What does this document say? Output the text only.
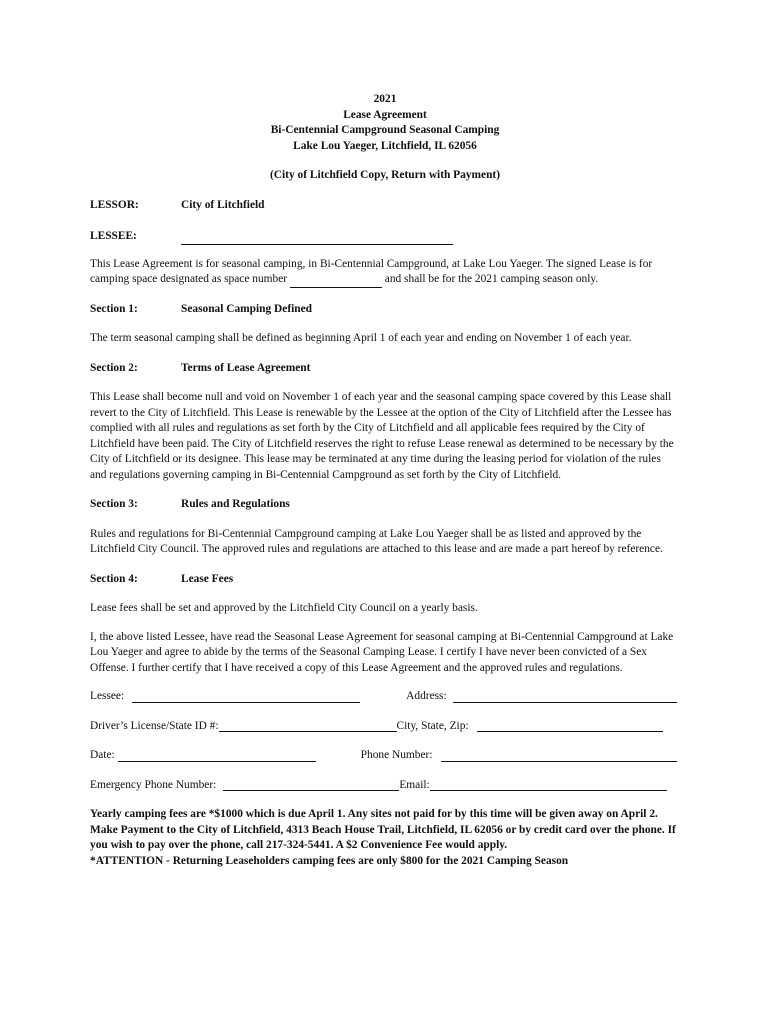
2021
Lease Agreement
Bi-Centennial Campground Seasonal Camping
Lake Lou Yaeger, Litchfield, IL 62056
(City of Litchfield Copy, Return with Payment)
LESSOR:	City of Litchfield
LESSEE:

This Lease Agreement is for seasonal camping, in Bi-Centennial Campground, at Lake Lou Yaeger. The signed Lease is for camping space designated as space number	and shall be for the 2021 camping season only.

Section 1:	Seasonal Camping Defined

The term seasonal camping shall be defined as beginning April 1 of each year and ending on November 1 of each year.

Section 2:	Terms of Lease Agreement

This Lease shall become null and void on November 1 of each year and the seasonal camping space covered by this Lease shall revert to the City of Litchfield. This Lease is renewable by the Lessee at the option of the City of Litchfield after the Lessee has complied with all rules and regulations as set forth by the City of Litchfield and all applicable fees required by the City of Litchfield have been paid. The City of Litchfield reserves the right to refuse Lease renewal as determined to be necessary by the City of Litchfield or its designee. This lease may be terminated at any time during the leasing period for violation of the rules and regulations governing camping in Bi-Centennial Campground as set forth by the City of Litchfield.

Section 3:	Rules and Regulations

Rules and regulations for Bi-Centennial Campground camping at Lake Lou Yaeger shall be as listed and approved by the Litchfield City Council. The approved rules and regulations are attached to this lease and are made a part hereof by reference.

Section 4:	Lease Fees

Lease fees shall be set and approved by the Litchfield City Council on a yearly basis.

I, the above listed Lessee, have read the Seasonal Lease Agreement for seasonal camping at Bi-Centennial Campground at Lake Lou Yaeger and agree to abide by the terms of the Seasonal Camping Lease. I certify I have never been convicted of a Sex Offense. I further certify that I have received a copy of this Lease Agreement and the approved rules and regulations.

Lessee:	Address:
Driver’s License/State ID #:	City, State, Zip:
Date:	Phone Number:
Emergency Phone Number:	Email:

Yearly camping fees are *$1000 which is due April 1. Any sites not paid for by this time will be given away on April 2. Make Payment to the City of Litchfield, 4313 Beach House Trail, Litchfield, IL 62056 or by credit card over the phone. If you wish to pay over the phone, call 217-324-5441. A $2 Convenience Fee would apply.
*ATTENTION - Returning Leaseholders camping fees are only $800 for the 2021 Camping Season
